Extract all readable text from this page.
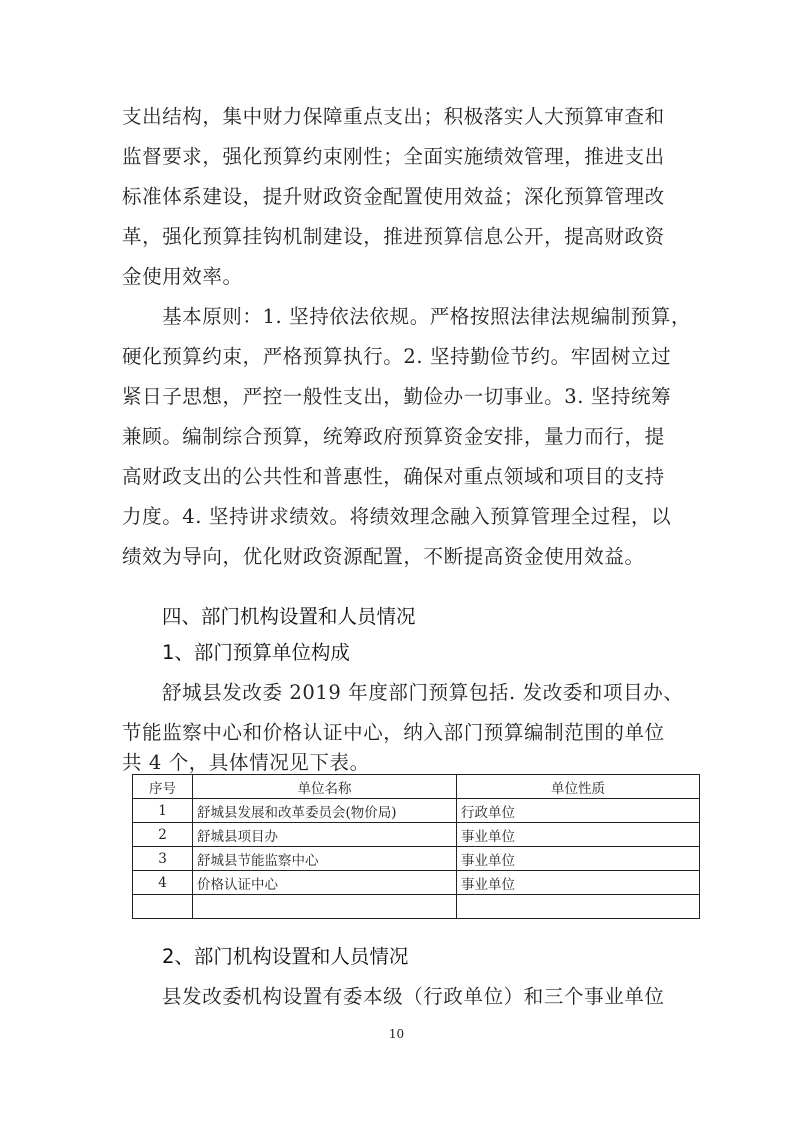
支出结构，集中财力保障重点支出；积极落实人大预算审查和
监督要求，强化预算约束刚性；全面实施绩效管理，推进支出
标准体系建设，提升财政资金配置使用效益；深化预算管理改
革，强化预算挂钩机制建设，推进预算信息公开，提高财政资
金使用效率。
基本原则：1. 坚持依法依规。严格按照法律法规编制预算，
硬化预算约束，严格预算执行。2. 坚持勤俭节约。牢固树立过
紧日子思想，严控一般性支出，勤俭办一切事业。3. 坚持统筹
兼顾。编制综合预算，统筹政府预算资金安排，量力而行，提
高财政支出的公共性和普惠性，确保对重点领域和项目的支持
力度。4. 坚持讲求绩效。将绩效理念融入预算管理全过程，以
绩效为导向，优化财政资源配置，不断提高资金使用效益。
四、部门机构设置和人员情况
1、部门预算单位构成
舒城县发改委 2019 年度部门预算包括. 发改委和项目办、
节能监察中心和价格认证中心，纳入部门预算编制范围的单位
共 4 个，具体情况见下表。
序号	单位名称	单位性质
1	舒城县发展和改革委员会(物价局)	行政单位
2	舒城县项目办	事业单位
3	舒城县节能监察中心	事业单位
4	价格认证中心	事业单位

2、部门机构设置和人员情况
县发改委机构设置有委本级（行政单位）和三个事业单位
10
